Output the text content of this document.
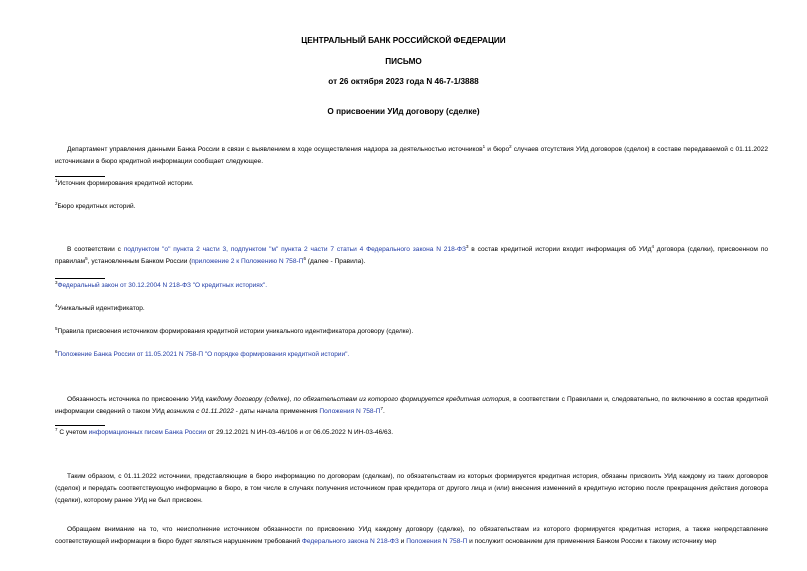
ЦЕНТРАЛЬНЫЙ БАНК РОССИЙСКОЙ ФЕДЕРАЦИИ
ПИСЬМО
от 26 октября 2023 года N 46-7-1/3888
О присвоении УИд договору (сделке)
Департамент управления данными Банка России в связи с выявлением в ходе осуществления надзора за деятельностью источников$^1$ и бюро$^2$ случаев отсутствия УИд договоров (сделок) в составе передаваемой с 01.11.2022 источниками в бюро кредитной информации сообщает следующее.
$^1$Источник формирования кредитной истории.
$^2$Бюро кредитных историй.
В соответствии с подпунктом "о" пункта 2 части 3, подпунктом "м" пункта 2 части 7 статьи 4 Федерального закона N $218-ФЗ^3$ в состав кредитной истории входит информация об УИд$^4$ договора (сделки), присвоенном по правилам$^5$, установленным Банком России (приложение 2 к Положению N $758-П^6$ (далее - Правила).
$^3$Федеральный закон от 30.12.2004 N 218-ФЗ "О кредитных историях".
$^4$Уникальный идентификатор.
$^5$Правила присвоения источником формирования кредитной истории уникального идентификатора договору (сделке).
$^6$Положение Банка России от 11.05.2021 N 758-П "О порядке формирования кредитной истории".
Обязанность источника по присвоению УИд каждому договору (сделке), по обязательствам из которого формируется кредитная история, в соответствии с Правилами и, следовательно, по включению в состав кредитной информации сведений о таком УИд возникла с 01.11.2022 - даты начала применения Положения N $758-П^7$.
$^7$ С учетом информационных писем Банка России от 29.12.2021 N ИН-03-46/106 и от 06.05.2022 N ИН-03-46/63.
Таким образом, с 01.11.2022 источники, представляющие в бюро информацию по договорам (сделкам), по обязательствам из которых формируется кредитная история, обязаны присвоить УИд каждому из таких договоров (сделок) и передать соответствующую информацию в бюро, в том числе в случаях получения источником прав кредитора от другого лица и (или) внесения изменений в кредитную историю после прекращения действия договора (сделки), которому ранее УИд не был присвоен.
Обращаем внимание на то, что неисполнение источником обязанности по присвоению УИд каждому договору (сделке), по обязательствам из которого формируется кредитная история, а также непредставление соответствующей информации в бюро будет являться нарушением требований Федерального закона N 218-ФЗ и Положения N 758-П и послужит основанием для применения Банком России к такому источнику мер
